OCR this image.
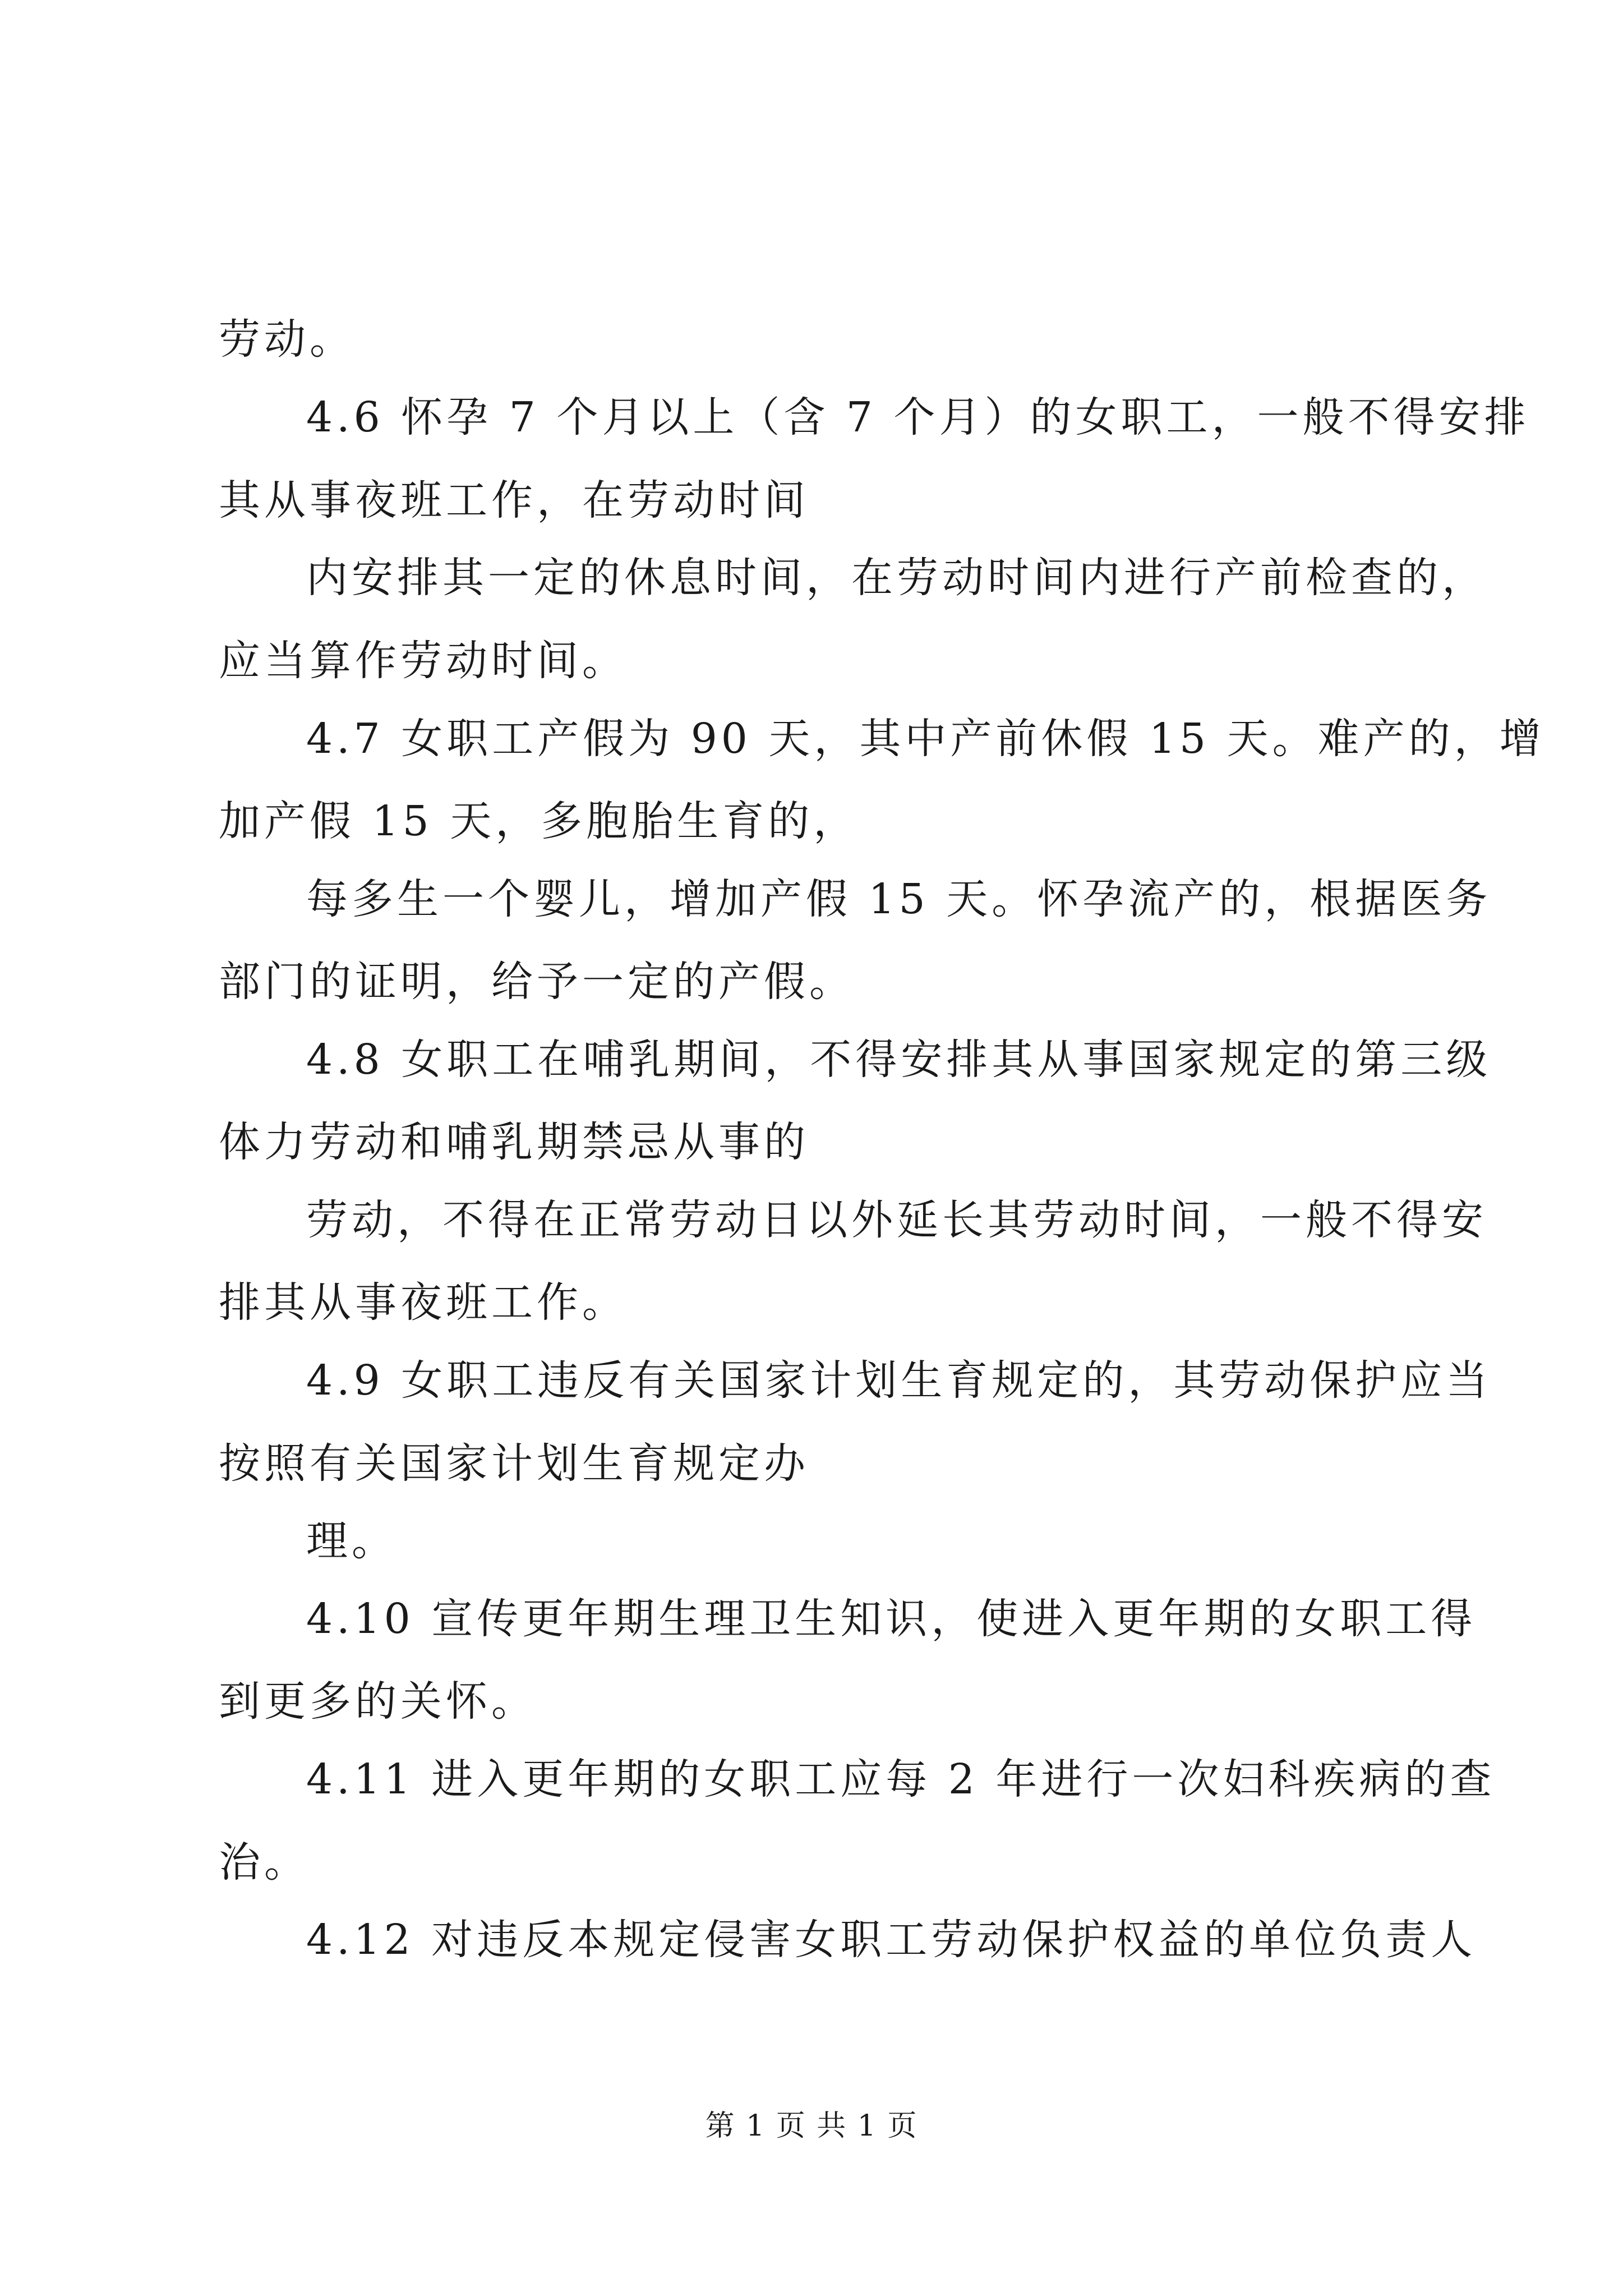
劳动。
4.6 怀孕 7 个月以上（含 7 个月）的女职工，一般不得安排
其从事夜班工作，在劳动时间
内安排其一定的休息时间，在劳动时间内进行产前检查的，
应当算作劳动时间。
4.7 女职工产假为 90 天，其中产前休假 15 天。难产的，增
加产假 15 天，多胞胎生育的，
每多生一个婴儿，增加产假 15 天。怀孕流产的，根据医务
部门的证明，给予一定的产假。
4.8 女职工在哺乳期间，不得安排其从事国家规定的第三级
体力劳动和哺乳期禁忌从事的
劳动，不得在正常劳动日以外延长其劳动时间，一般不得安
排其从事夜班工作。
4.9 女职工违反有关国家计划生育规定的，其劳动保护应当
按照有关国家计划生育规定办
理。
4.10 宣传更年期生理卫生知识，使进入更年期的女职工得
到更多的关怀。
4.11 进入更年期的女职工应每 2 年进行一次妇科疾病的查
治。
4.12 对违反本规定侵害女职工劳动保护权益的单位负责人
第 1 页 共 1 页
